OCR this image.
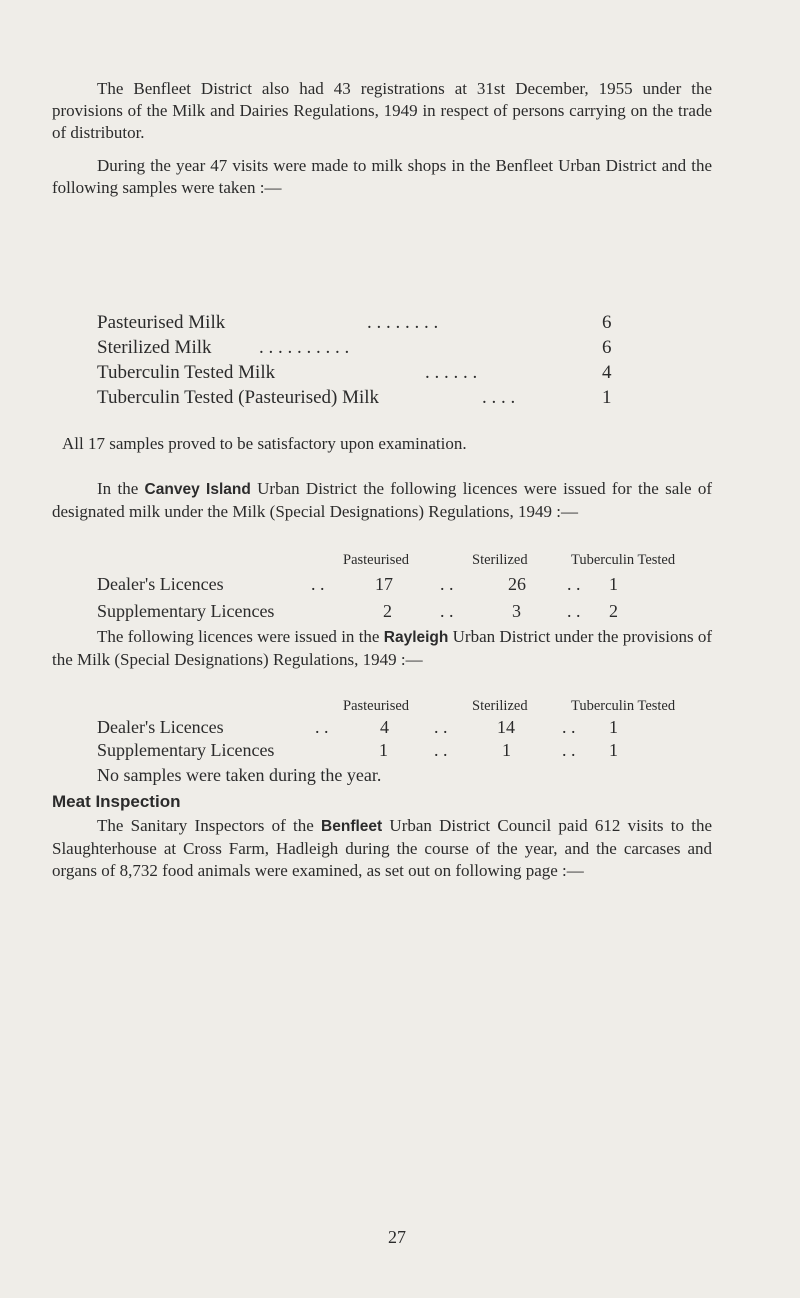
The Benfleet District also had 43 registrations at 31st December, 1955 under the provisions of the Milk and Dairies Regulations, 1949 in respect of persons carrying on the trade of distributor.

During the year 47 visits were made to milk shops in the Benfleet Urban District and the following samples were taken :—

Pasteurised Milk	. . . . . . . .	6
Sterilized Milk . . . . . . . . . .	6
Tuberculin Tested Milk	. . . . . .	4
Tuberculin Tested (Pasteurised) Milk	. . . .	1

All 17 samples proved to be satisfactory upon examination.

In the Canvey Island Urban District the following licences were issued for the sale of designated milk under the Milk (Special Designations) Regulations, 1949 :—

Pasteurised	Sterilized	Tuberculin Tested
Dealer's Licences	. .	17	. .	26 . . 1
Supplementary Licences	2	. .	3	. . 2

The following licences were issued in the Rayleigh Urban District under the provisions of the Milk (Special Designations) Regulations, 1949 :—

Pasteurised	Sterilized	Tuberculin Tested
Dealer's Licences	. .	4	. .	14	. . 1
Supplementary Licences	1	. .	1	. . 1

No samples were taken during the year.

Meat Inspection

The Sanitary Inspectors of the Benfleet Urban District Council paid 612 visits to the Slaughterhouse at Cross Farm, Hadleigh during the course of the year, and the carcases and organs of 8,732 food animals were examined, as set out on following page :—

27
